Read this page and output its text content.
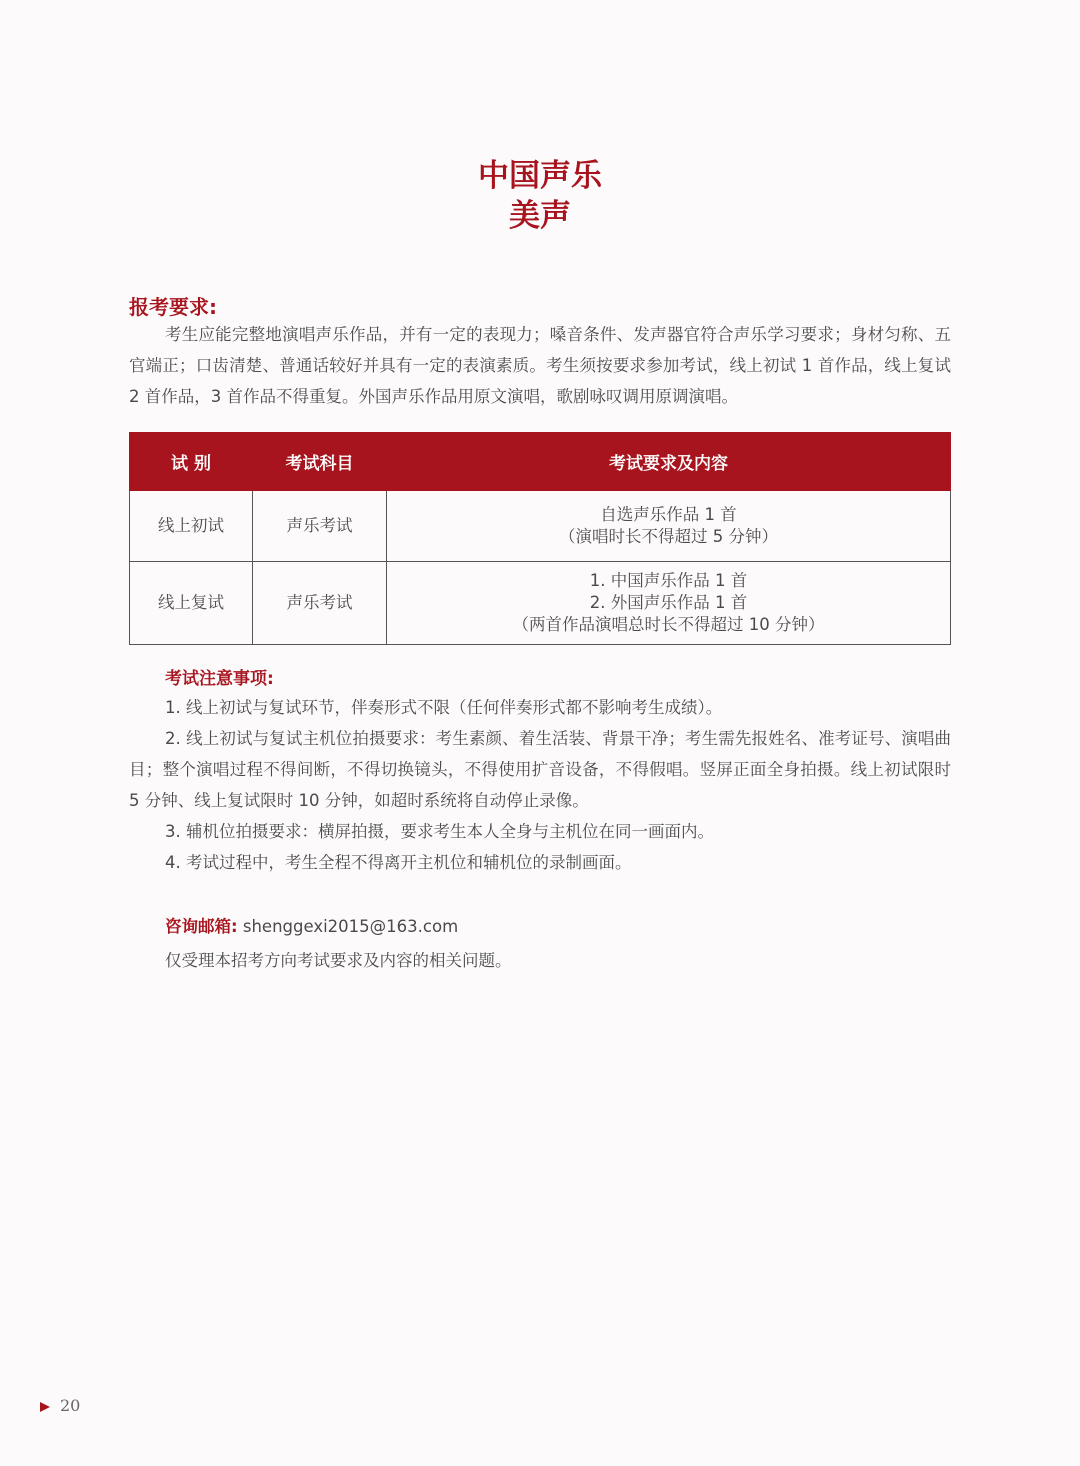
中国声乐
美声
报考要求:
考生应能完整地演唱声乐作品，并有一定的表现力；嗓音条件、发声器官符合声乐学习要求；身材匀称、五官端正；口齿清楚、普通话较好并具有一定的表演素质。考生须按要求参加考试，线上初试 1 首作品，线上复试 2 首作品，3 首作品不得重复。外国声乐作品用原文演唱，歌剧咏叹调用原调演唱。
试 别	考试科目	考试要求及内容
线上初试	声乐考试	自选声乐作品 1 首
（演唱时长不得超过 5 分钟）

线上复试	声乐考试	1. 中国声乐作品 1 首
2. 外国声乐作品 1 首
（两首作品演唱总时长不得超过 10 分钟）
考试注意事项:
1. 线上初试与复试环节，伴奏形式不限（任何伴奏形式都不影响考生成绩）。
2. 线上初试与复试主机位拍摄要求：考生素颜、着生活装、背景干净；考生需先报姓名、准考证号、演唱曲目；整个演唱过程不得间断，不得切换镜头，不得使用扩音设备，不得假唱。竖屏正面全身拍摄。线上初试限时 5 分钟、线上复试限时 10 分钟，如超时系统将自动停止录像。
3. 辅机位拍摄要求：横屏拍摄，要求考生本人全身与主机位在同一画面内。
4. 考试过程中，考生全程不得离开主机位和辅机位的录制画面。
咨询邮箱: shenggexi2015@163.com
仅受理本招考方向考试要求及内容的相关问题。
20
